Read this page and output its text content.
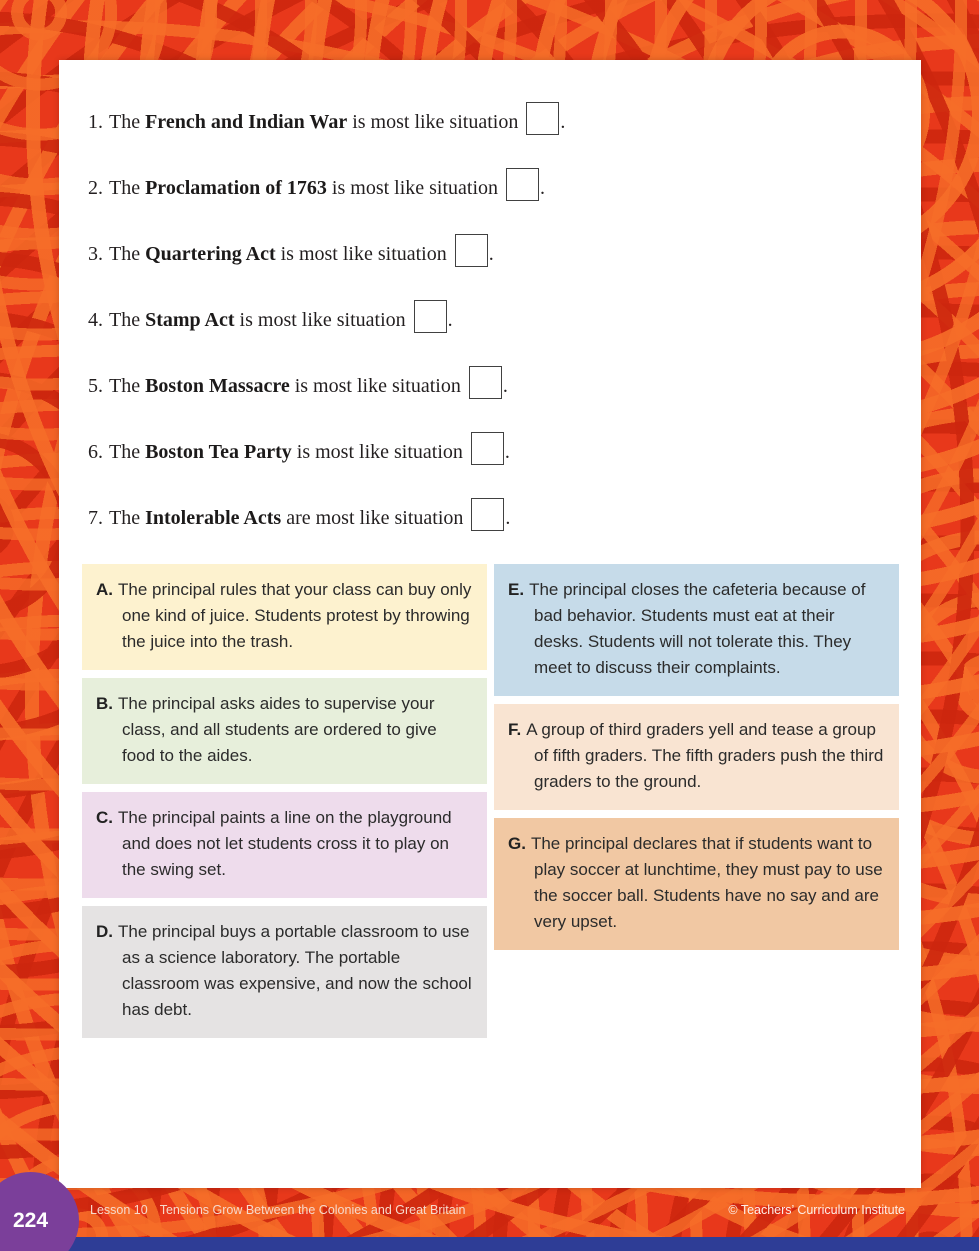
1. The French and Indian War is most like situation .
2. The Proclamation of 1763 is most like situation .
3. The Quartering Act is most like situation .
4. The Stamp Act is most like situation .
5. The Boston Massacre is most like situation .
6. The Boston Tea Party is most like situation .
7. The Intolerable Acts are most like situation .

A. The principal rules that your class can buy only one kind of juice. Students protest by throwing the juice into the trash.

B. The principal asks aides to supervise your class, and all students are ordered to give food to the aides.

C. The principal paints a line on the playground and does not let students cross it to play on the swing set.

D. The principal buys a portable classroom to use as a science laboratory. The portable classroom was expensive, and now the school has debt.

E. The principal closes the cafeteria because of bad behavior. Students must eat at their desks. Students will not tolerate this. They meet to discuss their complaints.

F. A group of third graders yell and tease a group of fifth graders. The fifth graders push the third graders to the ground.

G. The principal declares that if students want to play soccer at lunchtime, they must pay to use the soccer ball. Students have no say and are very upset.

Lesson 10 Tensions Grow Between the Colonies and Great Britain	© Teachers’ Curriculum Institute
224
